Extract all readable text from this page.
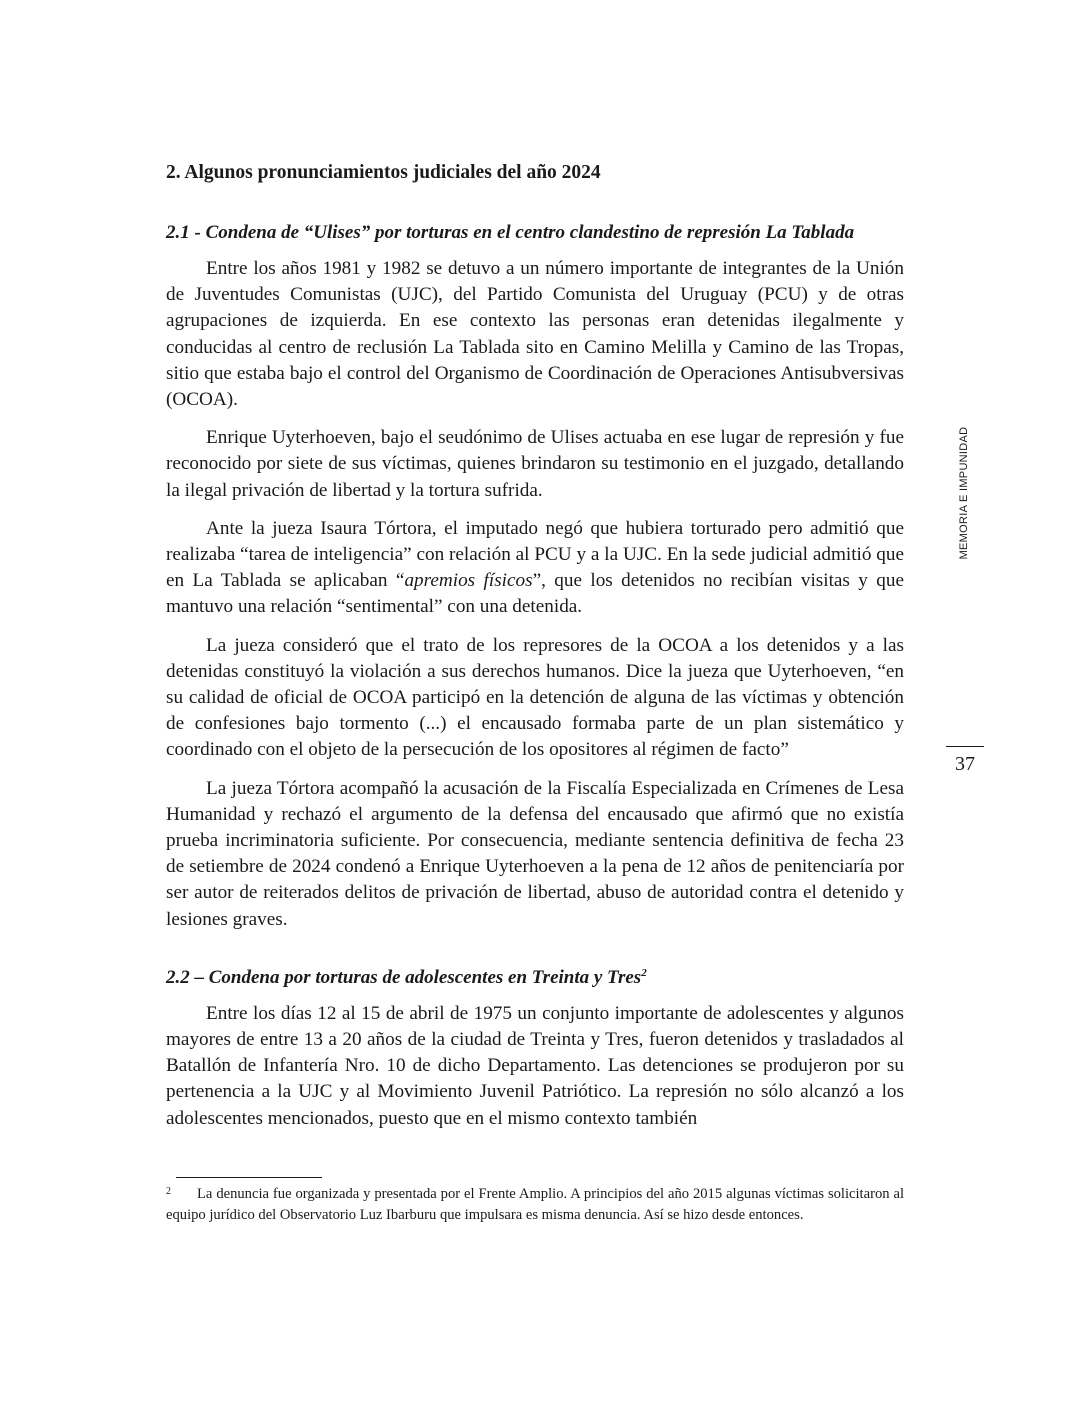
2. Algunos pronunciamientos judiciales del año 2024
2.1 - Condena de “Ulises” por torturas en el centro clandestino de represión La Tablada

Entre los años 1981 y 1982 se detuvo a un número importante de integrantes de la Unión de Juventudes Comunistas (UJC), del Partido Comunista del Uruguay (PCU) y de otras agrupaciones de izquierda. En ese contexto las personas eran detenidas ilegalmente y conducidas al centro de reclusión La Tablada sito en Camino Melilla y Camino de las Tropas, sitio que estaba bajo el control del Organismo de Coordinación de Operaciones Antisubversivas (OCOA).

Enrique Uyterhoeven, bajo el seudónimo de Ulises actuaba en ese lugar de represión y fue reconocido por siete de sus víctimas, quienes brindaron su testimonio en el juzgado, detallando la ilegal privación de libertad y la tortura sufrida.

Ante la jueza Isaura Tórtora, el imputado negó que hubiera torturado pero admitió que realizaba “tarea de inteligencia” con relación al PCU y a la UJC. En la sede judicial admitió que en La Tablada se aplicaban “apremios físicos”, que los detenidos no recibían visitas y que mantuvo una relación “sentimental” con una detenida.

La jueza consideró que el trato de los represores de la OCOA a los detenidos y a las detenidas constituyó la violación a sus derechos humanos. Dice la jueza que Uyterhoeven, “en su calidad de oficial de OCOA participó en la detención de alguna de las víctimas y obtención de confesiones bajo tormento (...) el encausado formaba parte de un plan sistemático y coordinado con el objeto de la persecución de los opositores al régimen de facto”

La jueza Tórtora acompañó la acusación de la Fiscalía Especializada en Crímenes de Lesa Humanidad y rechazó el argumento de la defensa del encausado que afirmó que no existía prueba incriminatoria suficiente. Por consecuencia, mediante sentencia definitiva de fecha 23 de setiembre de 2024 condenó a Enrique Uyterhoeven a la pena de 12 años de penitenciaría por ser autor de reiterados delitos de privación de libertad, abuso de autoridad contra el detenido y lesiones graves.

2.2 – Condena por torturas de adolescentes en Treinta y Tres$^2$

Entre los días 12 al 15 de abril de 1975 un conjunto importante de adolescentes y algunos mayores de entre 13 a 20 años de la ciudad de Treinta y Tres, fueron detenidos y trasladados al Batallón de Infantería Nro. 10 de dicho Departamento. Las detenciones se produjeron por su pertenencia a la UJC y al Movimiento Juvenil Patriótico. La represión no sólo alcanzó a los adolescentes mencionados, puesto que en el mismo contexto también

MEMORIA E IMPUNIDAD
37
2 La denuncia fue organizada y presentada por el Frente Amplio. A principios del año 2015 algunas víctimas solicitaron al equipo jurídico del Observatorio Luz Ibarburu que impulsara es misma denuncia. Así se hizo desde entonces.
